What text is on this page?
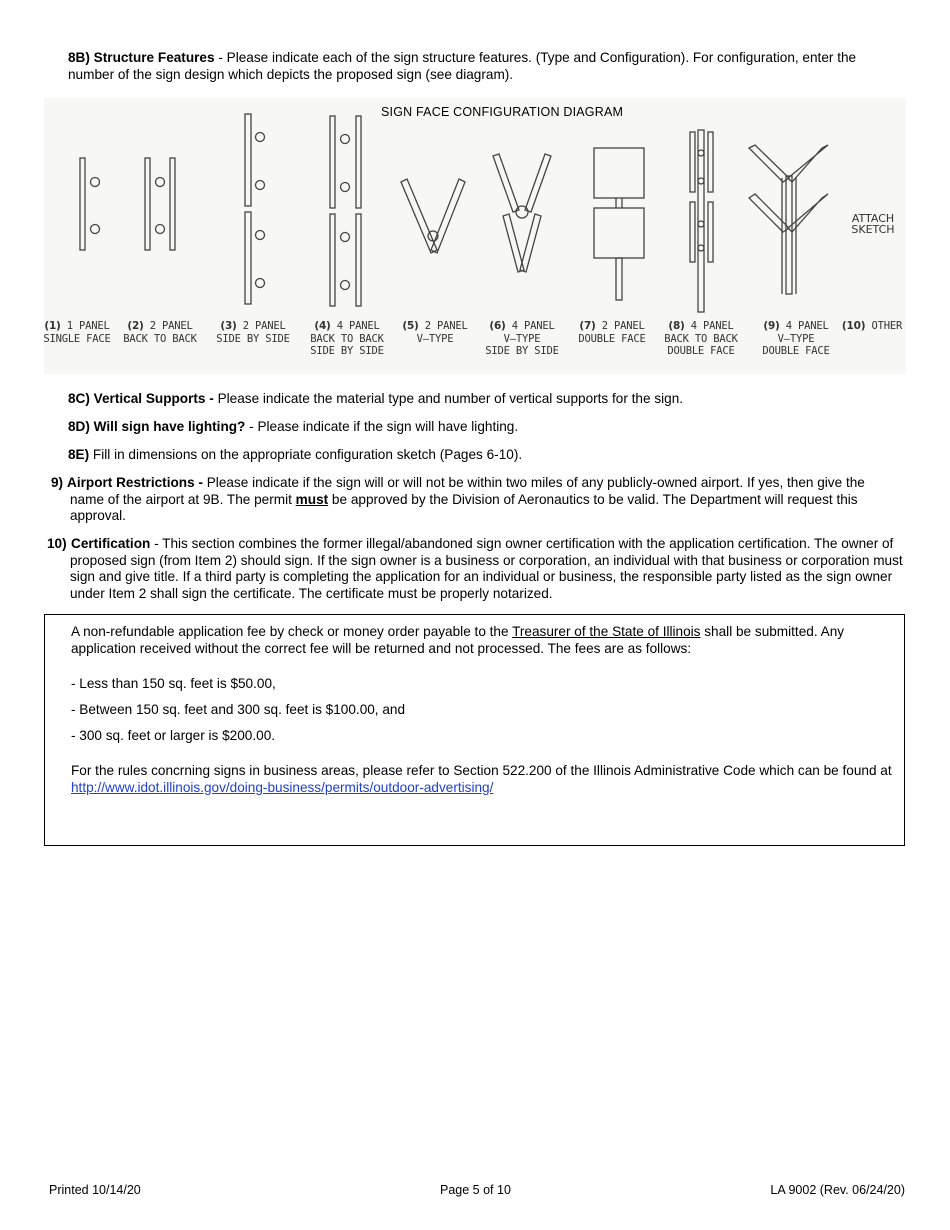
8B) Structure Features - Please indicate each of the sign structure features. (Type and Configuration). For configuration, enter the number of the sign design which depicts the proposed sign (see diagram).

SIGN FACE CONFIGURATION DIAGRAM
ATTACH
SKETCH
(1) 1 PANEL
SINGLE FACE
(2) 2 PANEL
BACK TO BACK
(3) 2 PANEL
SIDE BY SIDE
(4) 4 PANEL
BACK TO BACK
SIDE BY SIDE
(5) 2 PANEL
V–TYPE
(6) 4 PANEL
V–TYPE
SIDE BY SIDE
(7) 2 PANEL
DOUBLE FACE
(8) 4 PANEL
BACK TO BACK
DOUBLE FACE
(9) 4 PANEL
V–TYPE
DOUBLE FACE
(10) OTHER

8C) Vertical Supports - Please indicate the material type and number of vertical supports for the sign.

8D) Will sign have lighting? - Please indicate if the sign will have lighting.

8E) Fill in dimensions on the appropriate configuration sketch (Pages 6-10).

9) Airport Restrictions - Please indicate if the sign will or will not be within two miles of any publicly-owned airport. If yes, then give the name of the airport at 9B. The permit must be approved by the Division of Aeronautics to be valid. The Department will request this approval.

10) Certification - This section combines the former illegal/abandoned sign owner certification with the application certification. The owner of proposed sign (from Item 2) should sign. If the sign owner is a business or corporation, an individual with that business or corporation must sign and give title. If a third party is completing the application for an individual or business, the responsible party listed as the sign owner under Item 2 shall sign the certificate. The certificate must be properly notarized.

A non-refundable application fee by check or money order payable to the Treasurer of the State of Illinois shall be submitted. Any application received without the correct fee will be returned and not processed. The fees are as follows:

- Less than 150 sq. feet is $50.00,

- Between 150 sq. feet and 300 sq. feet is $100.00, and

- 300 sq. feet or larger is $200.00.

For the rules concrning signs in business areas, please refer to Section 522.200 of the Illinois Administrative Code which can be found at http://www.idot.illinois.gov/doing-business/permits/outdoor-advertising/

Printed 10/14/20	Page 5 of 10	LA 9002 (Rev. 06/24/20)
